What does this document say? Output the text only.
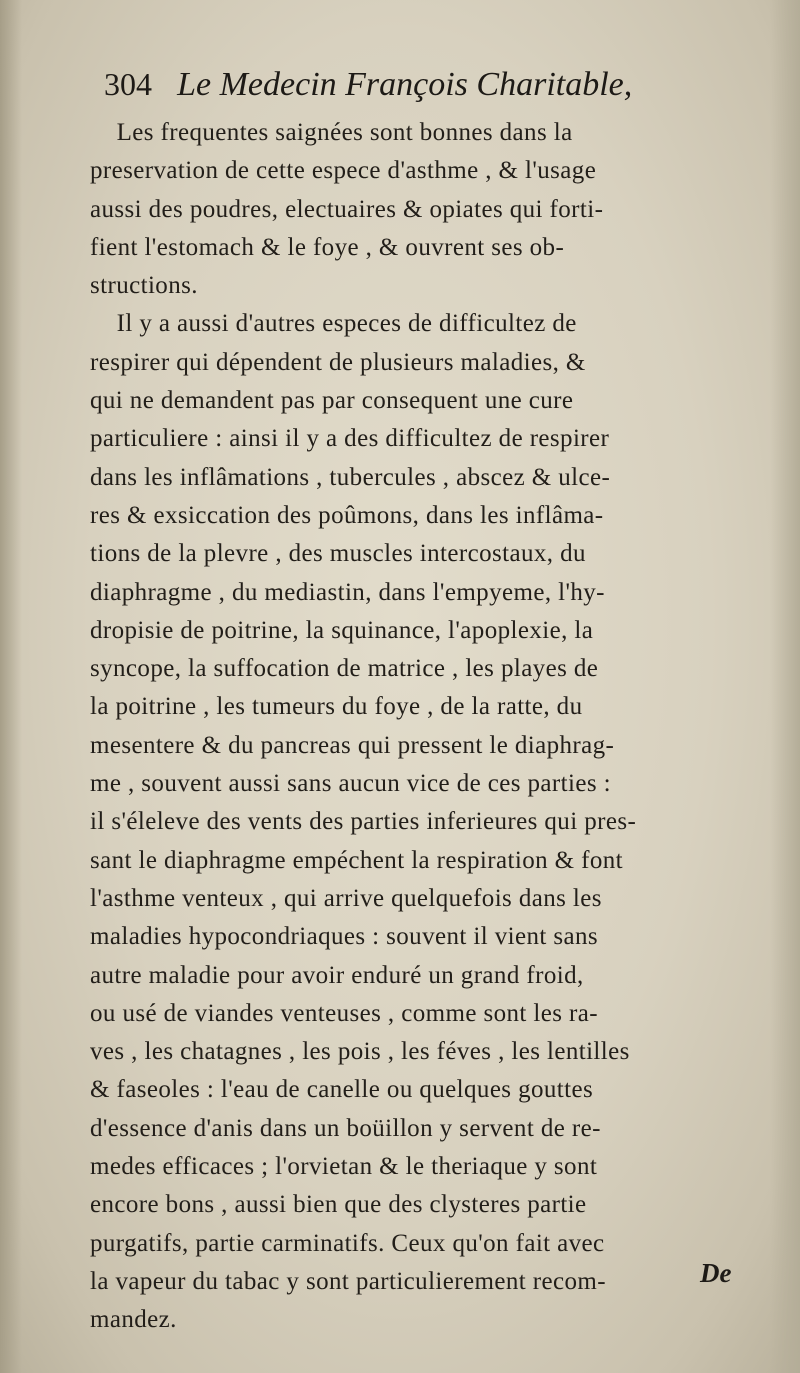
304 Le Medecin François Charitable,
Les frequentes saignées sont bonnes dans la
preservation de cette espece d'asthme , & l'usage
aussi des poudres, electuaires & opiates qui forti-
fient l'estomach & le foye , & ouvrent ses ob-
structions.
Il y a aussi d'autres especes de difficultez de
respirer qui dépendent de plusieurs maladies, &
qui ne demandent pas par consequent une cure
particuliere : ainsi il y a des difficultez de respirer
dans les inflâmations , tubercules , abscez & ulce-
res & exsiccation des poûmons, dans les inflâma-
tions de la plevre , des muscles intercostaux, du
diaphragme , du mediastin, dans l'empyeme, l'hy-
dropisie de poitrine, la squinance, l'apoplexie, la
syncope, la suffocation de matrice , les playes de
la poitrine , les tumeurs du foye , de la ratte, du
mesentere & du pancreas qui pressent le diaphrag-
me , souvent aussi sans aucun vice de ces parties :
il s'éleleve des vents des parties inferieures qui pres-
sant le diaphragme empéchent la respiration & font
l'asthme venteux , qui arrive quelquefois dans les
maladies hypocondriaques : souvent il vient sans
autre maladie pour avoir enduré un grand froid,
ou usé de viandes venteuses , comme sont les ra-
ves , les chatagnes , les pois , les féves , les lentilles
& faseoles : l'eau de canelle ou quelques gouttes
d'essence d'anis dans un boüillon y servent de re-
medes efficaces ; l'orvietan & le theriaque y sont
encore bons , aussi bien que des clysteres partie
purgatifs, partie carminatifs. Ceux qu'on fait avec
la vapeur du tabac y sont particulierement recom-
mandez.
De
